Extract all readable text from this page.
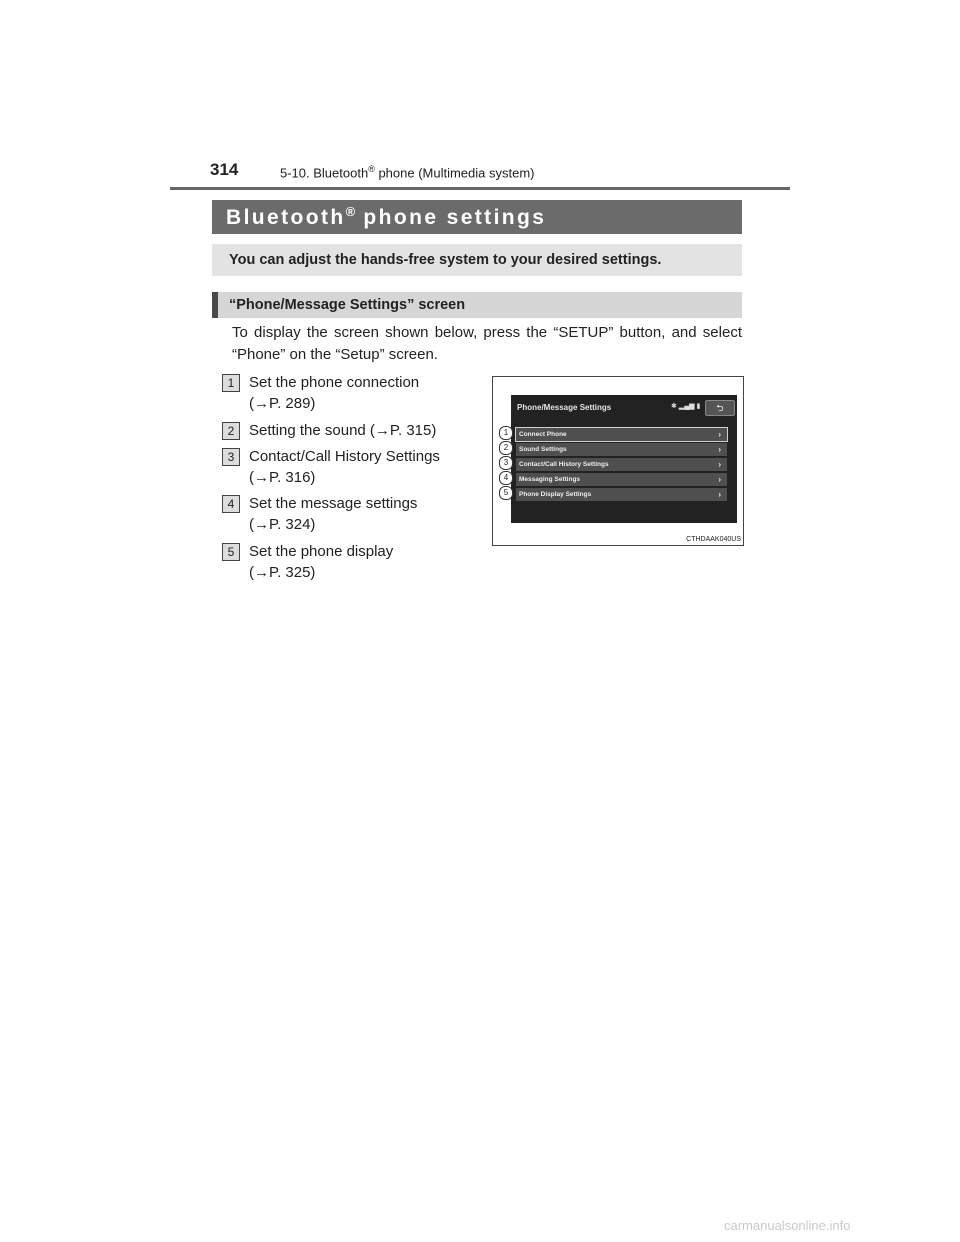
314	5-10. Bluetooth® phone (Multimedia system)
Bluetooth® phone settings
You can adjust the hands-free system to your desired settings.
“Phone/Message Settings” screen
To display the screen shown below, press the “SETUP” button, and select “Phone” on the “Setup” screen.
1 Set the phone connection
(→P. 289)
2 Setting the sound (→P. 315)
3 Contact/Call History Settings
(→P. 316)
4 Set the message settings
(→P. 324)
5 Set the phone display
(→P. 325)
Phone/Message Settings	✱ ▂▄▆ ▮	⮌
Connect Phone	›
Sound Settings	›
Contact/Call History Settings	›
Messaging Settings	›
Phone Display Settings	›
1
2
3
4
5
CTHDAAK040US
carmanualsonline.info
